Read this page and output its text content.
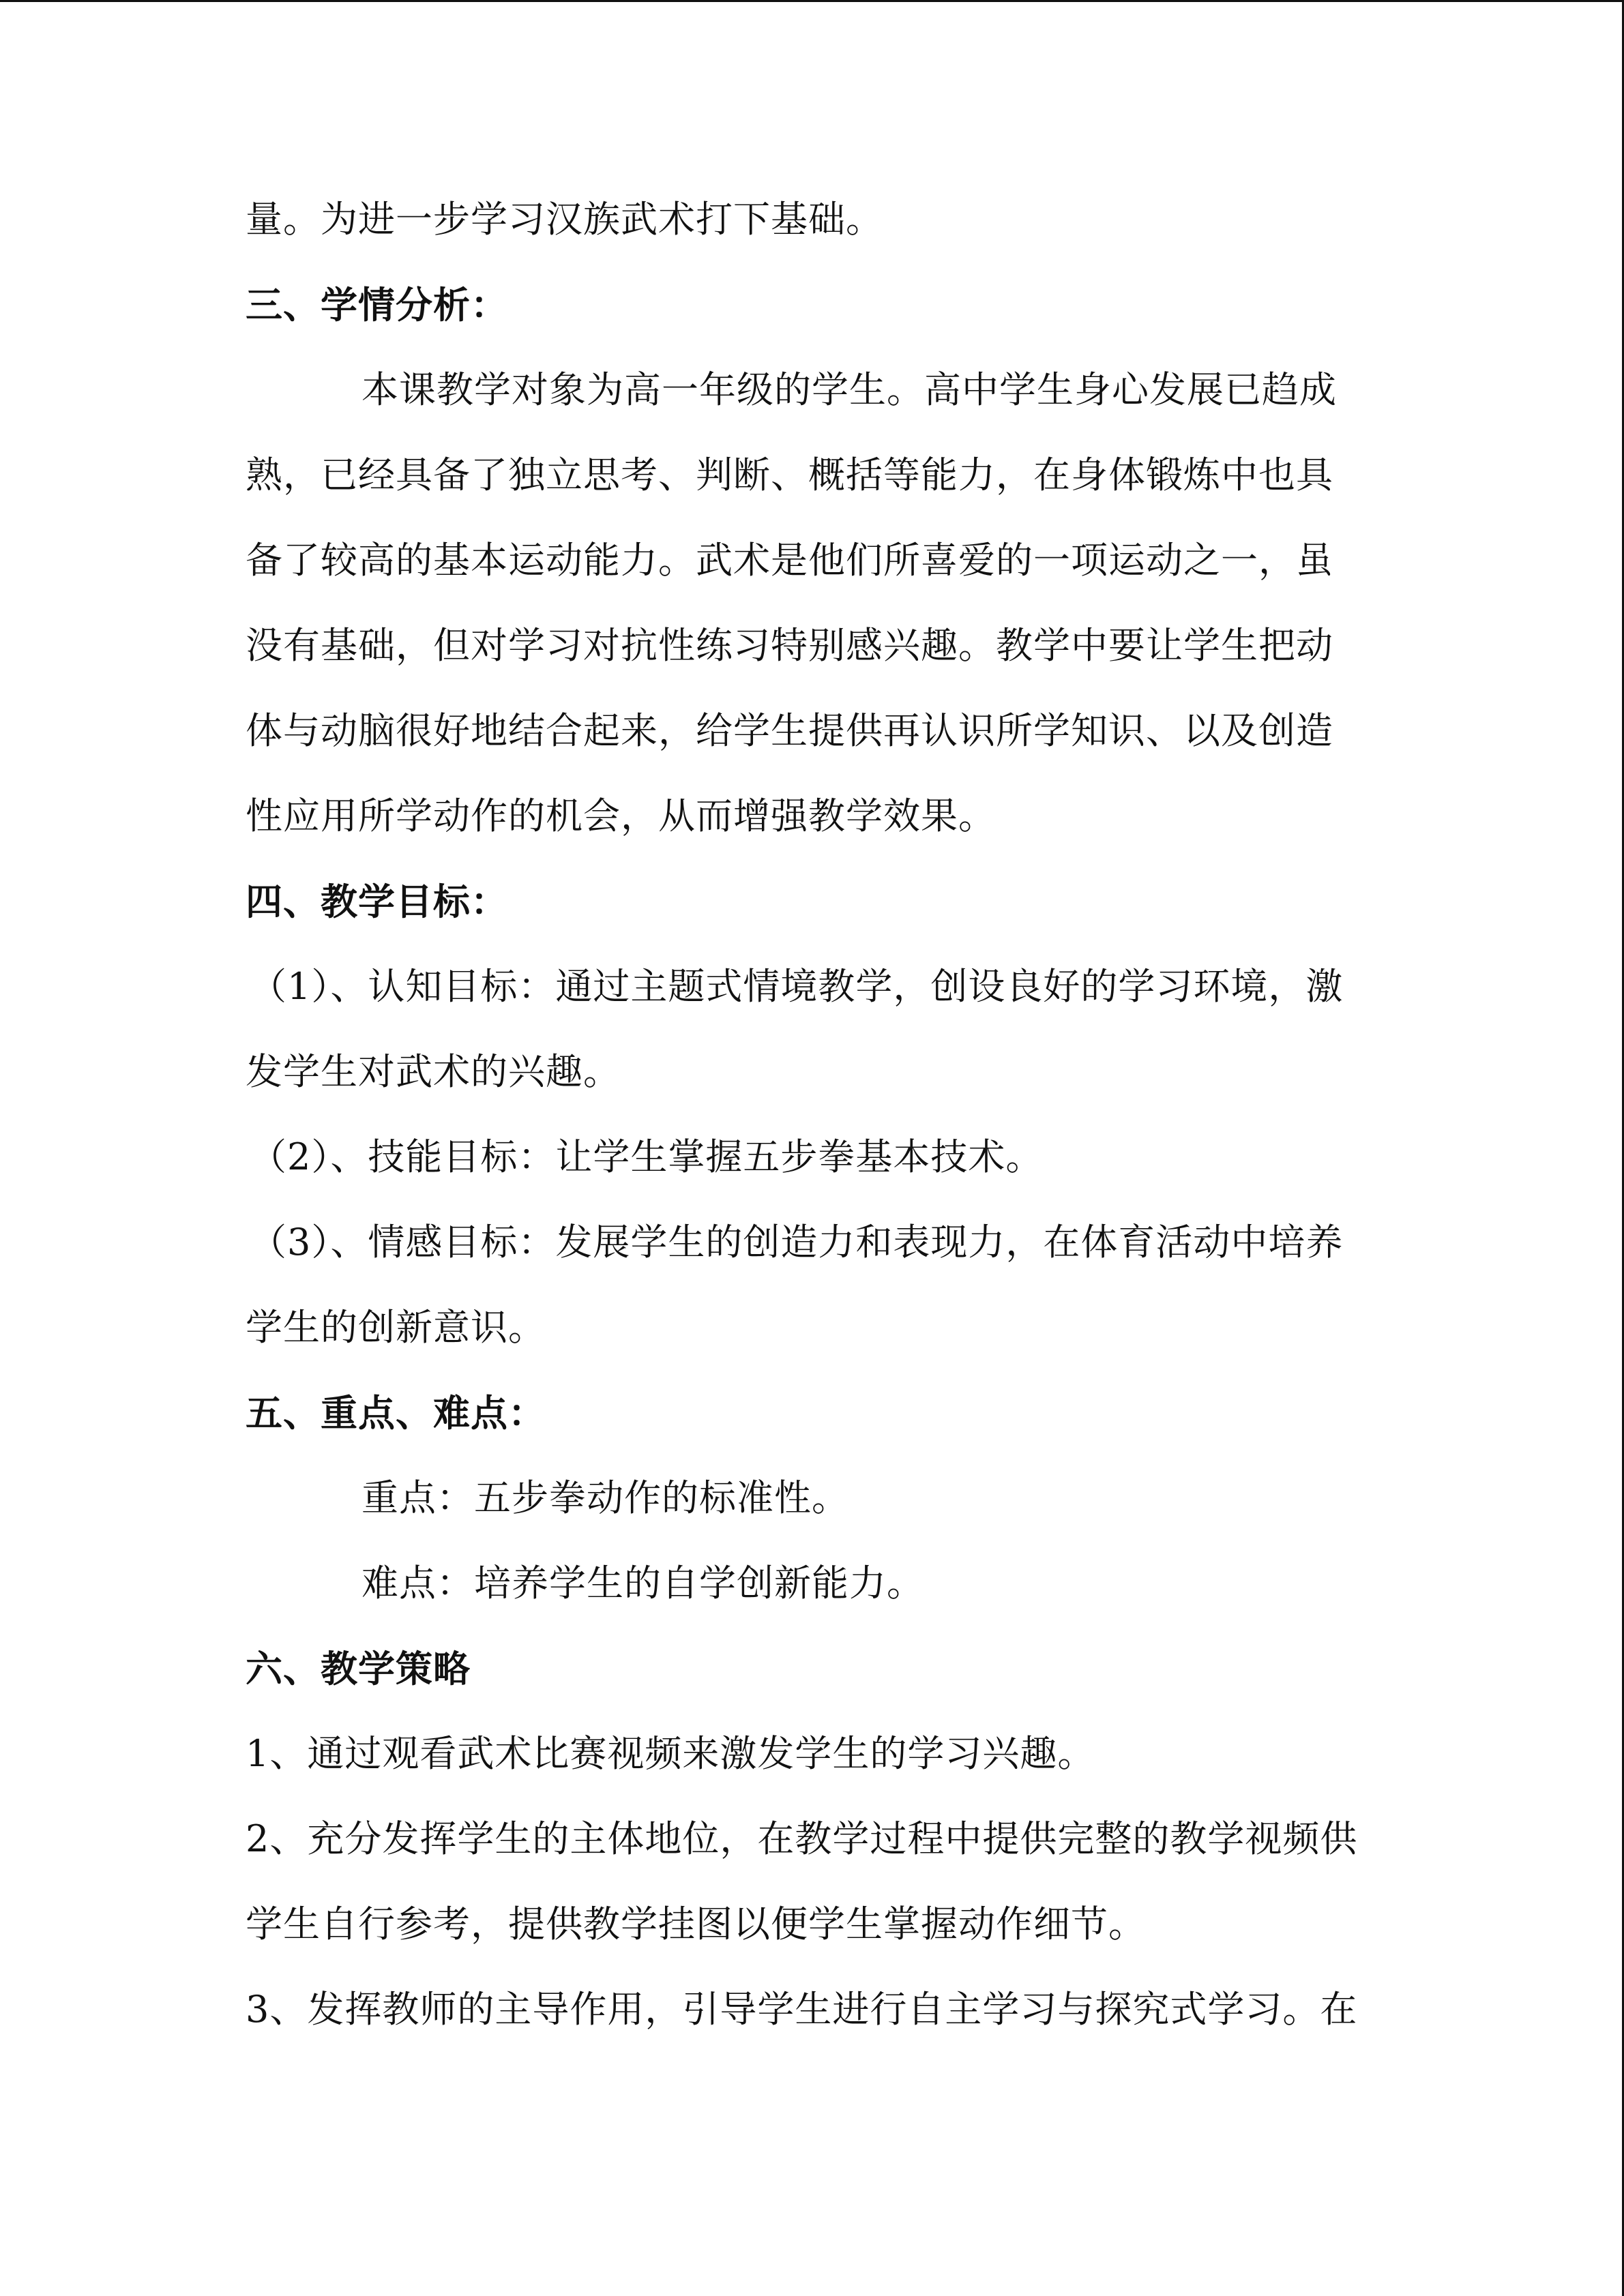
量。为进一步学习汉族武术打下基础。
三、学情分析：
本课教学对象为高一年级的学生。高中学生身心发展已趋成
熟，已经具备了独立思考、判断、概括等能力，在身体锻炼中也具
备了较高的基本运动能力。武术是他们所喜爱的一项运动之一，虽
没有基础，但对学习对抗性练习特别感兴趣。教学中要让学生把动
体与动脑很好地结合起来，给学生提供再认识所学知识、以及创造
性应用所学动作的机会，从而增强教学效果。
四、教学目标：
（1）、认知目标：通过主题式情境教学，创设良好的学习环境，激
发学生对武术的兴趣。
（2）、技能目标：让学生掌握五步拳基本技术。
（3）、情感目标：发展学生的创造力和表现力，在体育活动中培养
学生的创新意识。
五、重点、难点：
重点：五步拳动作的标准性。
难点：培养学生的自学创新能力。
六、教学策略
1、通过观看武术比赛视频来激发学生的学习兴趣。
2、充分发挥学生的主体地位，在教学过程中提供完整的教学视频供
学生自行参考，提供教学挂图以便学生掌握动作细节。
3、发挥教师的主导作用，引导学生进行自主学习与探究式学习。在
